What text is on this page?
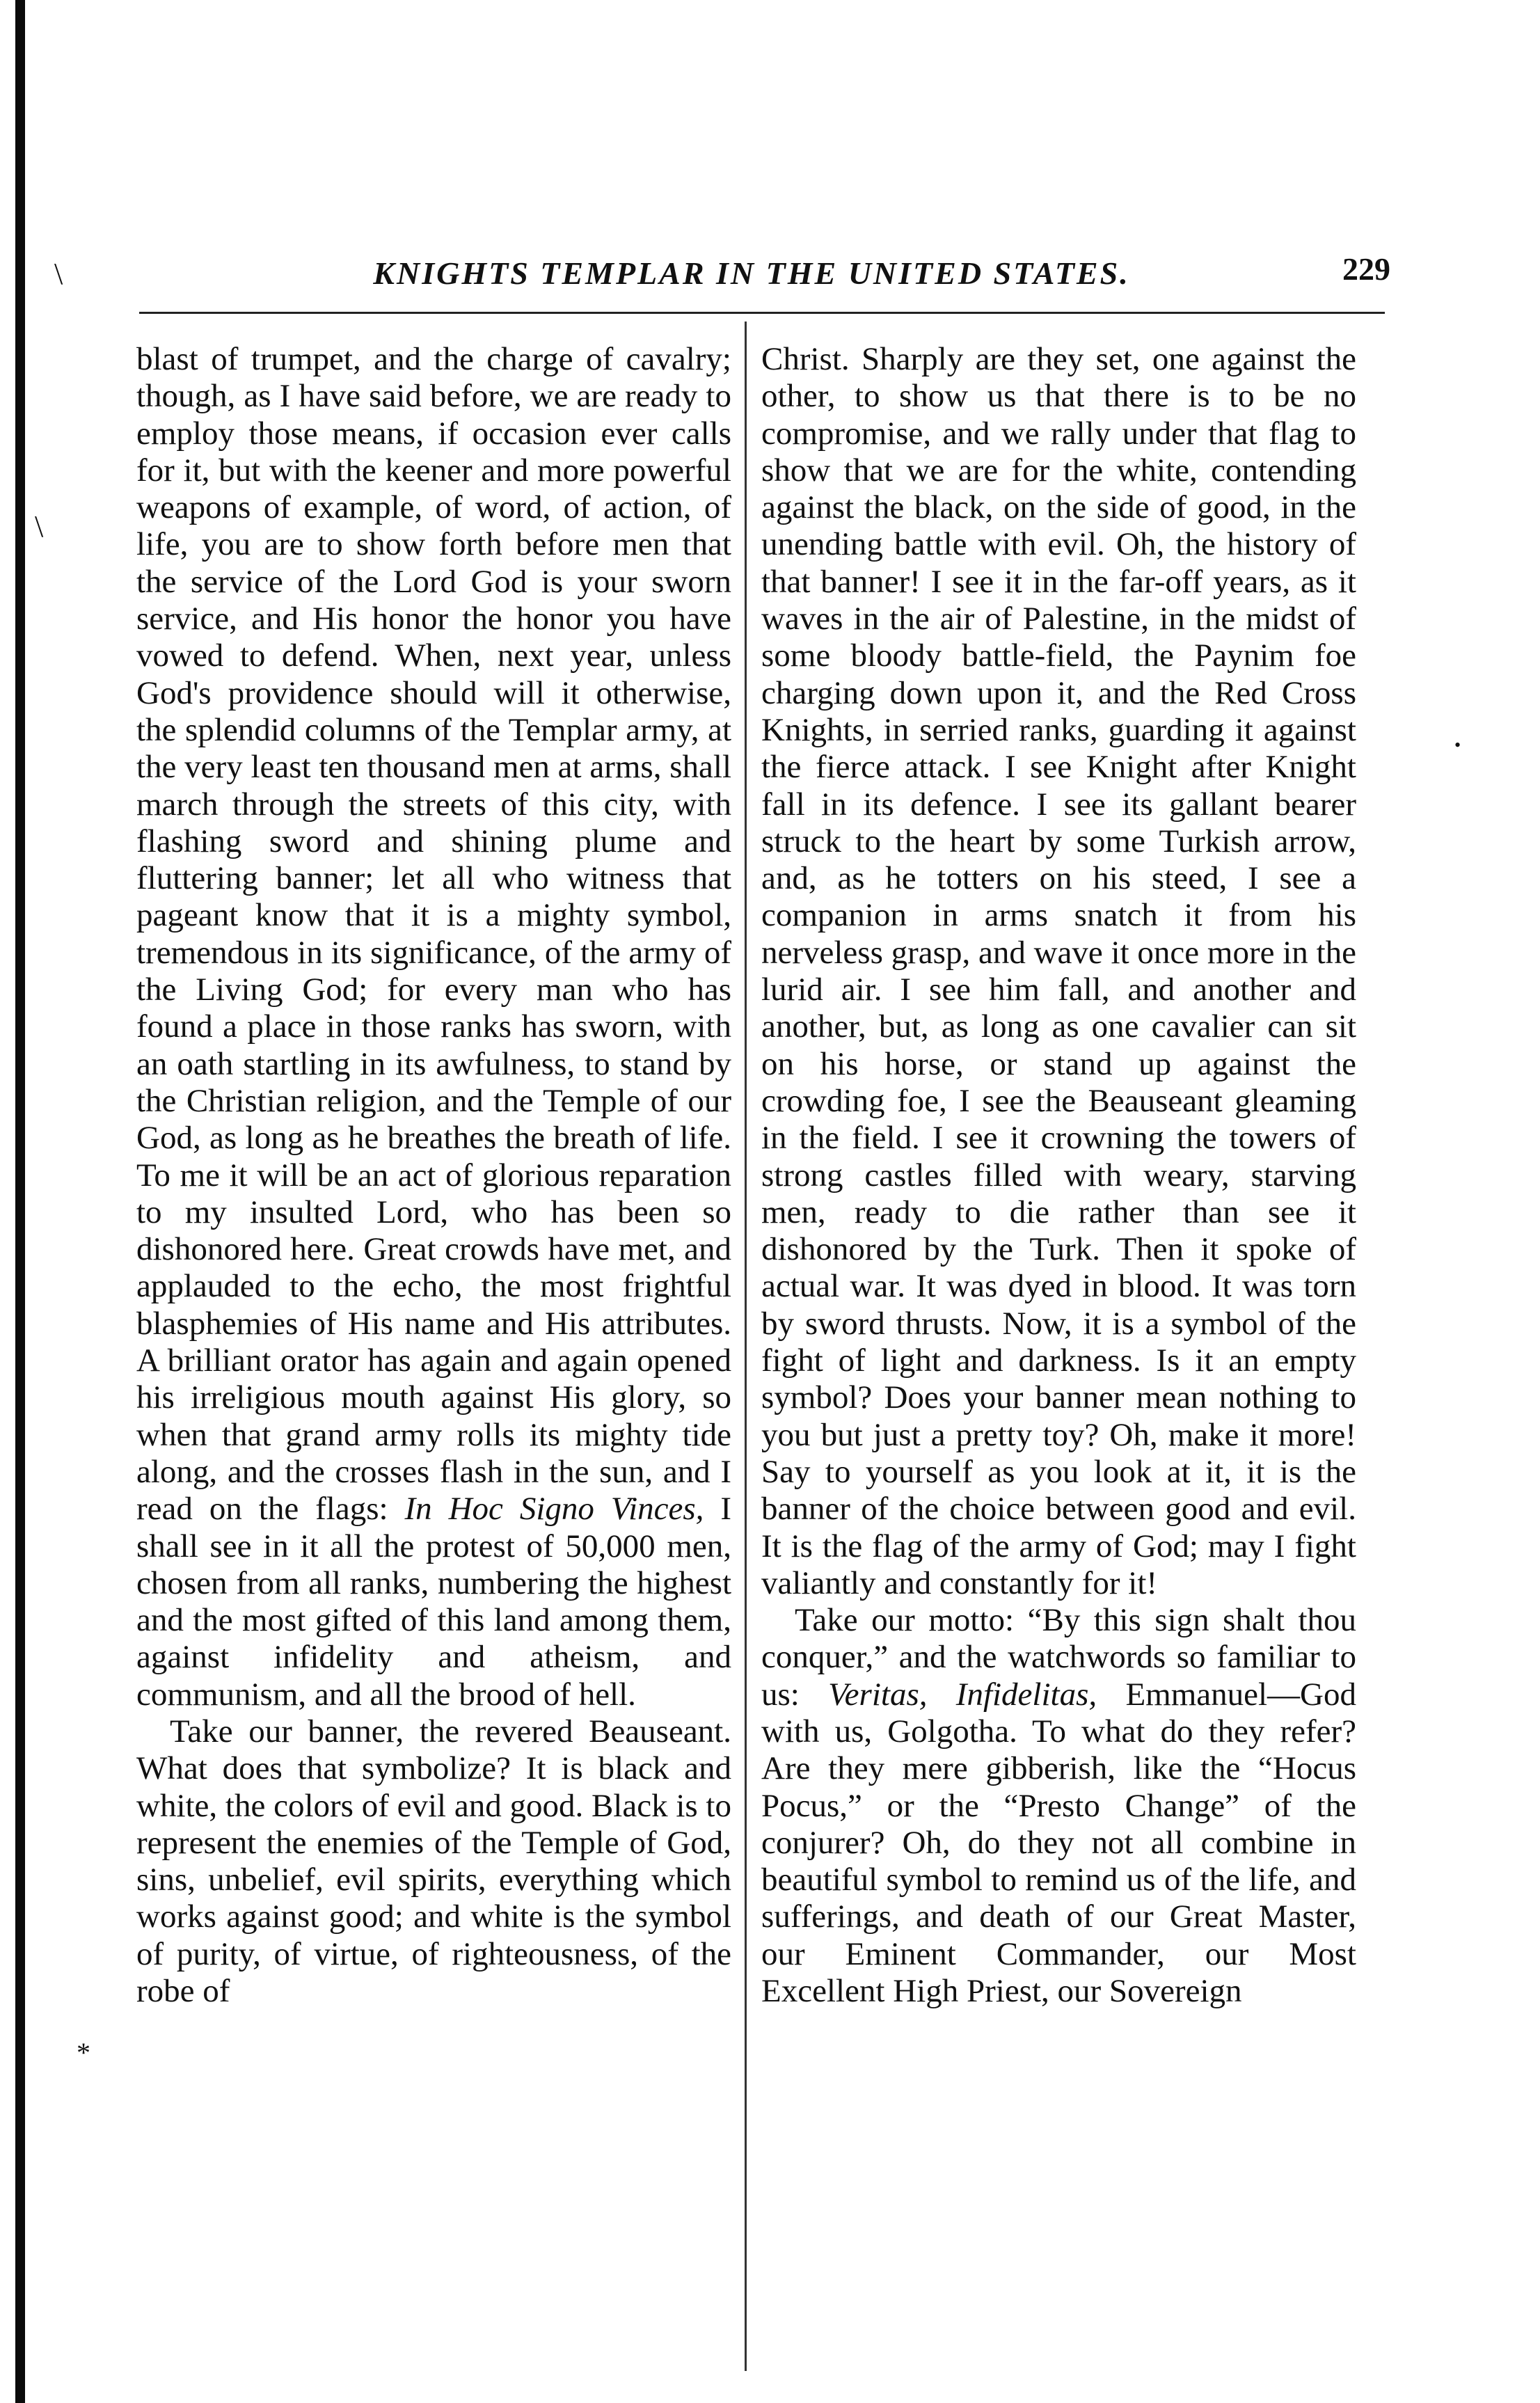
\
\
*
•
KNIGHTS TEMPLAR IN THE UNITED STATES.	229

blast of trumpet, and the charge of cavalry; though, as I have said before, we are ready to employ those means, if occasion ever calls for it, but with the keener and more powerful weapons of example, of word, of action, of life, you are to show forth before men that the service of the Lord God is your sworn service, and His honor the honor you have vowed to defend. When, next year, unless God's providence should will it otherwise, the splendid columns of the Templar army, at the very least ten thousand men at arms, shall march through the streets of this city, with flashing sword and shining plume and fluttering banner; let all who witness that pageant know that it is a mighty symbol, tremendous in its significance, of the army of the Living God; for every man who has found a place in those ranks has sworn, with an oath startling in its awfulness, to stand by the Christian religion, and the Temple of our God, as long as he breathes the breath of life. To me it will be an act of glorious reparation to my insulted Lord, who has been so dishonored here. Great crowds have met, and applauded to the echo, the most frightful blasphemies of His name and His attributes. A brilliant orator has again and again opened his irreligious mouth against His glory, so when that grand army rolls its mighty tide along, and the crosses flash in the sun, and I read on the flags: In Hoc Signo Vinces, I shall see in it all the protest of 50,000 men, chosen from all ranks, numbering the highest and the most gifted of this land among them, against infidelity and atheism, and communism, and all the brood of hell.

Take our banner, the revered Beauseant. What does that symbolize? It is black and white, the colors of evil and good. Black is to represent the enemies of the Temple of God, sins, unbelief, evil spirits, everything which works against good; and white is the symbol of purity, of virtue, of righteousness, of the robe of

Christ. Sharply are they set, one against the other, to show us that there is to be no compromise, and we rally under that flag to show that we are for the white, contending against the black, on the side of good, in the unending battle with evil. Oh, the history of that banner! I see it in the far-off years, as it waves in the air of Palestine, in the midst of some bloody battle-field, the Paynim foe charging down upon it, and the Red Cross Knights, in serried ranks, guarding it against the fierce attack. I see Knight after Knight fall in its defence. I see its gallant bearer struck to the heart by some Turkish arrow, and, as he totters on his steed, I see a companion in arms snatch it from his nerveless grasp, and wave it once more in the lurid air. I see him fall, and another and another, but, as long as one cavalier can sit on his horse, or stand up against the crowding foe, I see the Beauseant gleaming in the field. I see it crowning the towers of strong castles filled with weary, starving men, ready to die rather than see it dishonored by the Turk. Then it spoke of actual war. It was dyed in blood. It was torn by sword thrusts. Now, it is a symbol of the fight of light and darkness. Is it an empty symbol? Does your banner mean nothing to you but just a pretty toy? Oh, make it more! Say to yourself as you look at it, it is the banner of the choice between good and evil. It is the flag of the army of God; may I fight valiantly and constantly for it!

Take our motto: “By this sign shalt thou conquer,” and the watchwords so familiar to us: Veritas, Infidelitas, Emmanuel—God with us, Golgotha. To what do they refer? Are they mere gibberish, like the “Hocus Pocus,” or the “Presto Change” of the conjurer? Oh, do they not all combine in beautiful symbol to remind us of the life, and sufferings, and death of our Great Master, our Eminent Commander, our Most Excellent High Priest, our Sovereign
